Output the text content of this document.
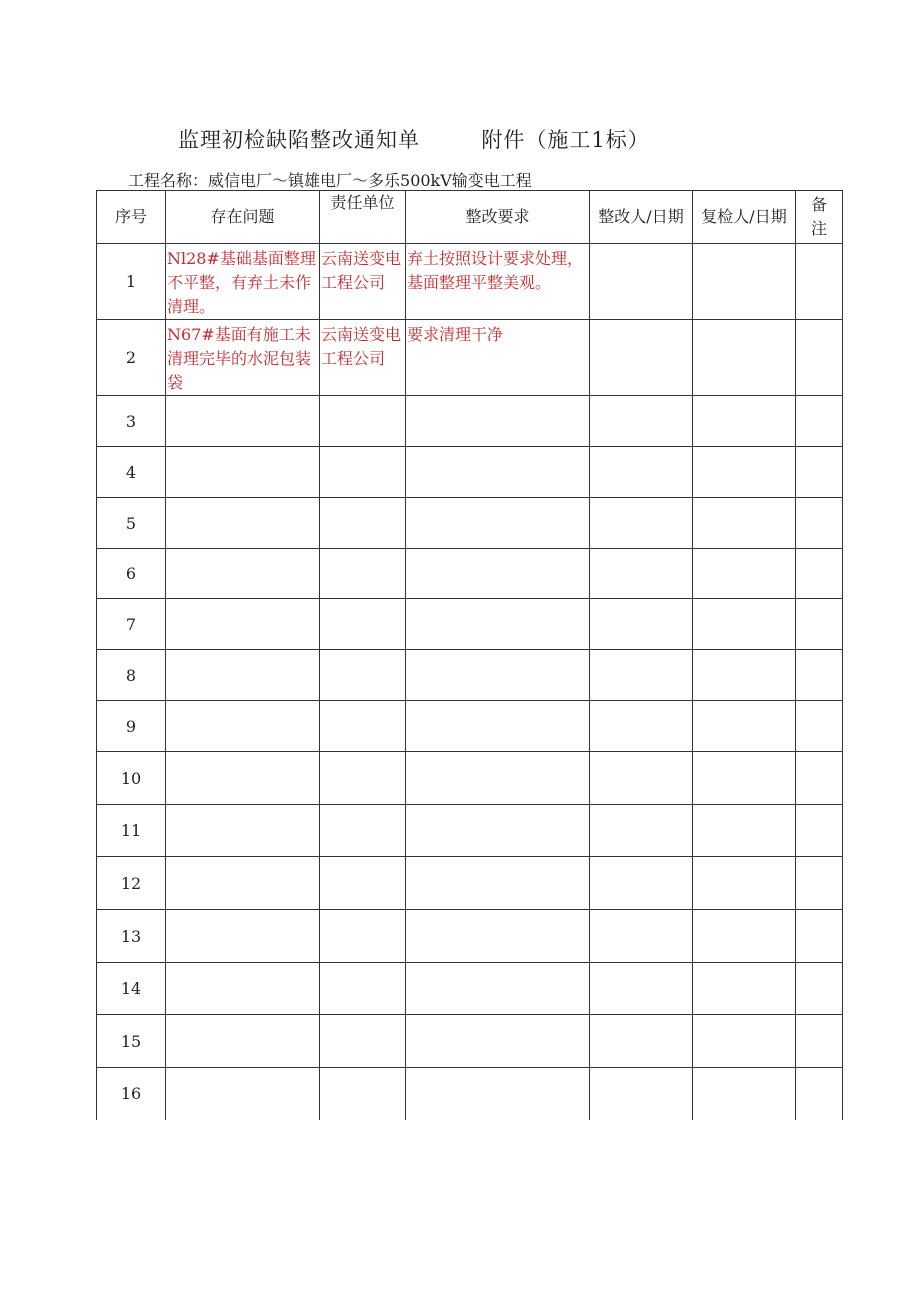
监理初检缺陷整改通知单        附件（施工1标）
工程名称：威信电厂～镇雄电厂～多乐500kV输变电工程
序号	存在问题	责任单位	整改要求	整改人/日期	复检人/日期	备注
1	Nl28#基础基面整理不平整，有弃土未作清理。	云南送变电工程公司	弃土按照设计要求处理，基面整理平整美观。			
2	N67#基面有施工未清理完毕的水泥包装袋	云南送变电工程公司	要求清理干净			
3						
4						
5						
6						
7						
8						
9						
10						
11						
12						
13						
14						
15						
16						
